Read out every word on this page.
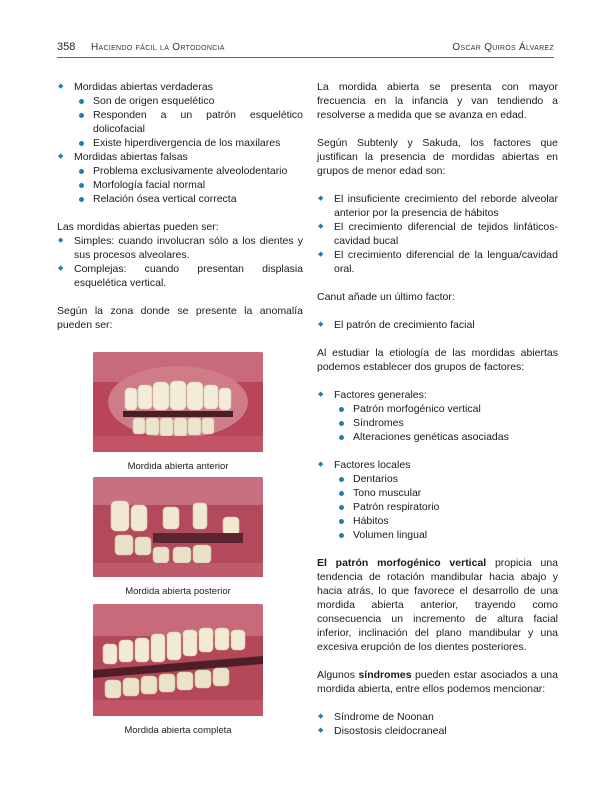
358 Haciendo fácil la Ortodoncia	Oscar Quirós Álvarez
◆ Mordidas abiertas verdaderas
Son de origen esquelético
Responden a un patrón esquelético dolicofacial
Existe hiperdivergencia de los maxilares
◆ Mordidas abiertas falsas
Problema exclusivamente alveolodentario
Morfología facial normal
Relación ósea vertical correcta

Las mordidas abiertas pueden ser:

◆ Simples: cuando involucran sólo a los dientes y sus procesos alveolares.
◆ Complejas: cuando presentan displasia esquelética vertical.

Según la zona donde se presente la anomalía pueden ser:

Mordida abierta anterior
Mordida abierta posterior
Mordida abierta completa

La mordida abierta se presenta con mayor frecuencia en la infancia y van tendiendo a resolverse a medida que se avanza en edad.

Según Subtenly y Sakuda, los factores que justifican la presencia de mordidas abiertas en grupos de menor edad son:

◆ El insuficiente crecimiento del reborde alveolar anterior por la presencia de hábitos
◆ El crecimiento diferencial de tejidos linfáticos-cavidad bucal
◆ El crecimiento diferencial de la lengua/cavidad oral.

Canut añade un último factor:

◆ El patrón de crecimiento facial

Al estudiar la etiología de las mordidas abiertas podemos establecer dos grupos de factores:

◆ Factores generales:
Patrón morfogénico vertical
Síndromes
Alteraciones genéticas asociadas
◆ Factores locales
Dentarios
Tono muscular
Patrón respiratorio
Hábitos
Volumen lingual

El patrón morfogénico vertical propicia una tendencia de rotación mandibular hacia abajo y hacia atrás, lo que favorece el desarrollo de una mordida abierta anterior, trayendo como consecuencia un incremento de altura facial inferior, inclinación del plano mandibular y una excesiva erupción de los dientes posteriores.

Algunos síndromes pueden estar asociados a una mordida abierta, entre ellos podemos mencionar:

◆ Síndrome de Noonan
◆ Disostosis cleidocraneal
